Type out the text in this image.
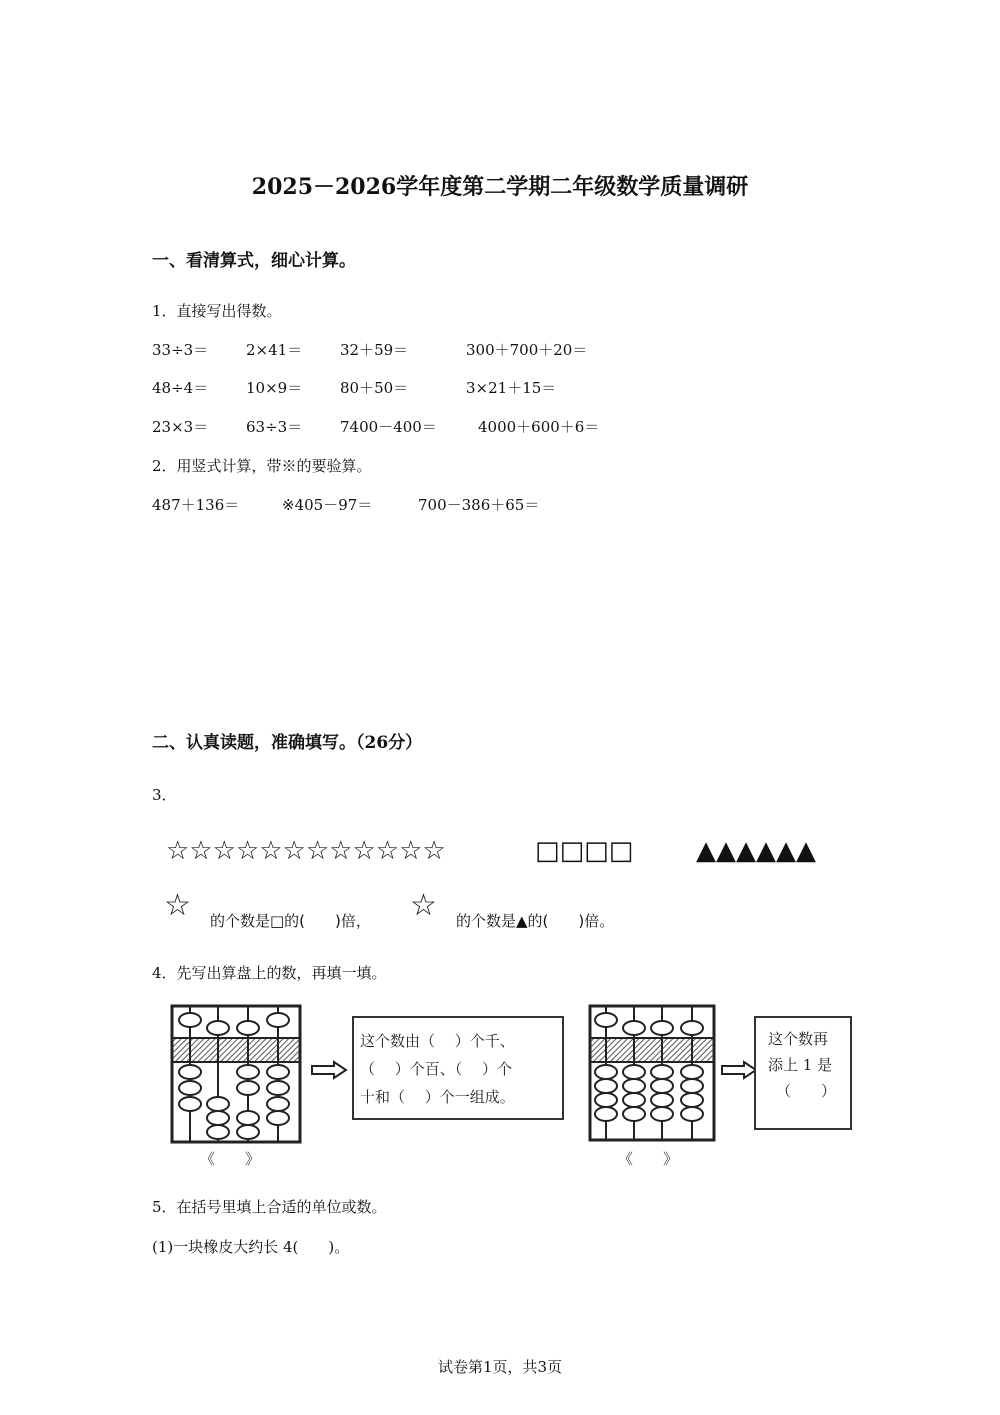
2025－2026学年度第二学期二年级数学质量调研
一、看清算式，细心计算。
1．直接写出得数。
33÷3＝	2×41＝	32＋59＝	300＋700＋20＝
48÷4＝	10×9＝	80＋50＝	3×21＋15＝
23×3＝	63÷3＝	7400－400＝	4000＋600＋6＝
2．用竖式计算，带※的要验算。
487＋136＝	※405－97＝	700－386＋65＝
二、认真读题，准确填写。（26分）
3．
☆☆☆☆☆☆☆☆☆☆☆☆	□□□□ ▲▲▲▲▲▲
☆ 的个数是□的(　　)倍， ☆ 的个数是▲的(　　)倍。
4．先写出算盘上的数，再填一填。
《　　》
这个数由（　 ）个千、
（　 ）个百、（　 ）个
十和（　 ）个一组成。
《　　》
这个数再
添上 1 是
（　　）
5．在括号里填上合适的单位或数。
(1)一块橡皮大约长 4(　　)。
试卷第1页，共3页
